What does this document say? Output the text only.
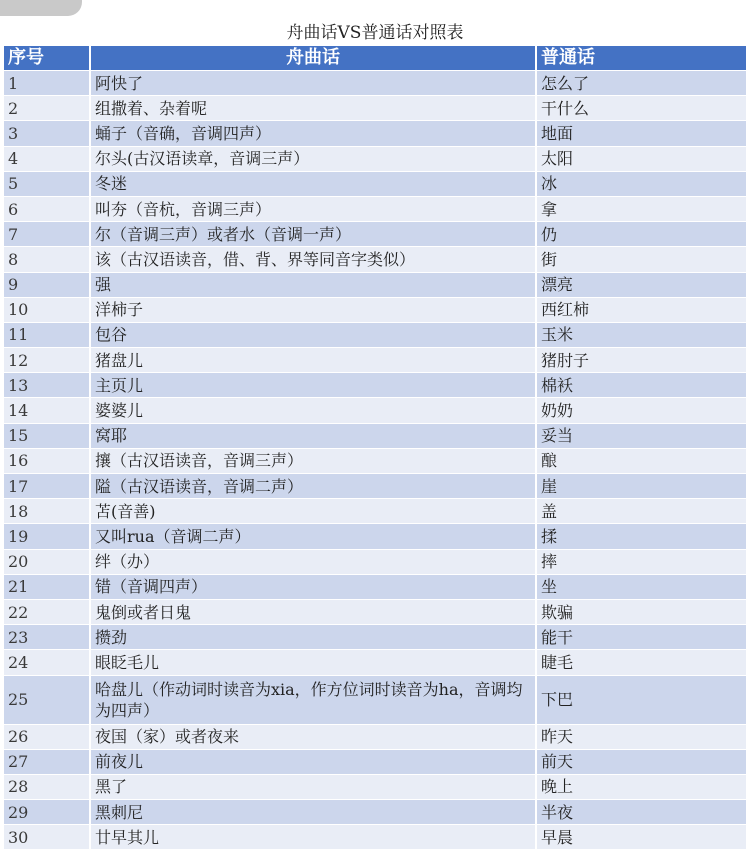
舟曲话VS普通话对照表
序号	舟曲话	普通话
1	阿快了	怎么了
2	组撒着、杂着呢	干什么
3	蛹子（音确，音调四声）	地面
4	尔头(古汉语读章，音调三声）	太阳
5	冬迷	冰
6	叫夯（音杭，音调三声）	拿
7	尔（音调三声）或者水（音调一声）	仍
8	该（古汉语读音，借、背、界等同音字类似）	街
9	强	漂亮
10	洋柿子	西红柿
11	包谷	玉米
12	猪盘儿	猪肘子
13	主页儿	棉袄
14	婆婆儿	奶奶
15	窝耶	妥当
16	攘（古汉语读音，音调三声）	酿
17	隘（古汉语读音，音调二声）	崖
18	苫(音善)	盖
19	又叫rua（音调二声）	揉
20	绊（办）	摔
21	错（音调四声）	坐
22	鬼倒或者日鬼	欺骗
23	攒劲	能干
24	眼眨毛儿	睫毛
25	哈盘儿（作动词时读音为xia，作方位词时读音为ha，音调均为四声）	下巴
26	夜国（家）或者夜来	昨天
27	前夜儿	前天
28	黑了	晚上
29	黑刺尼	半夜
30	廿早其儿	早晨
